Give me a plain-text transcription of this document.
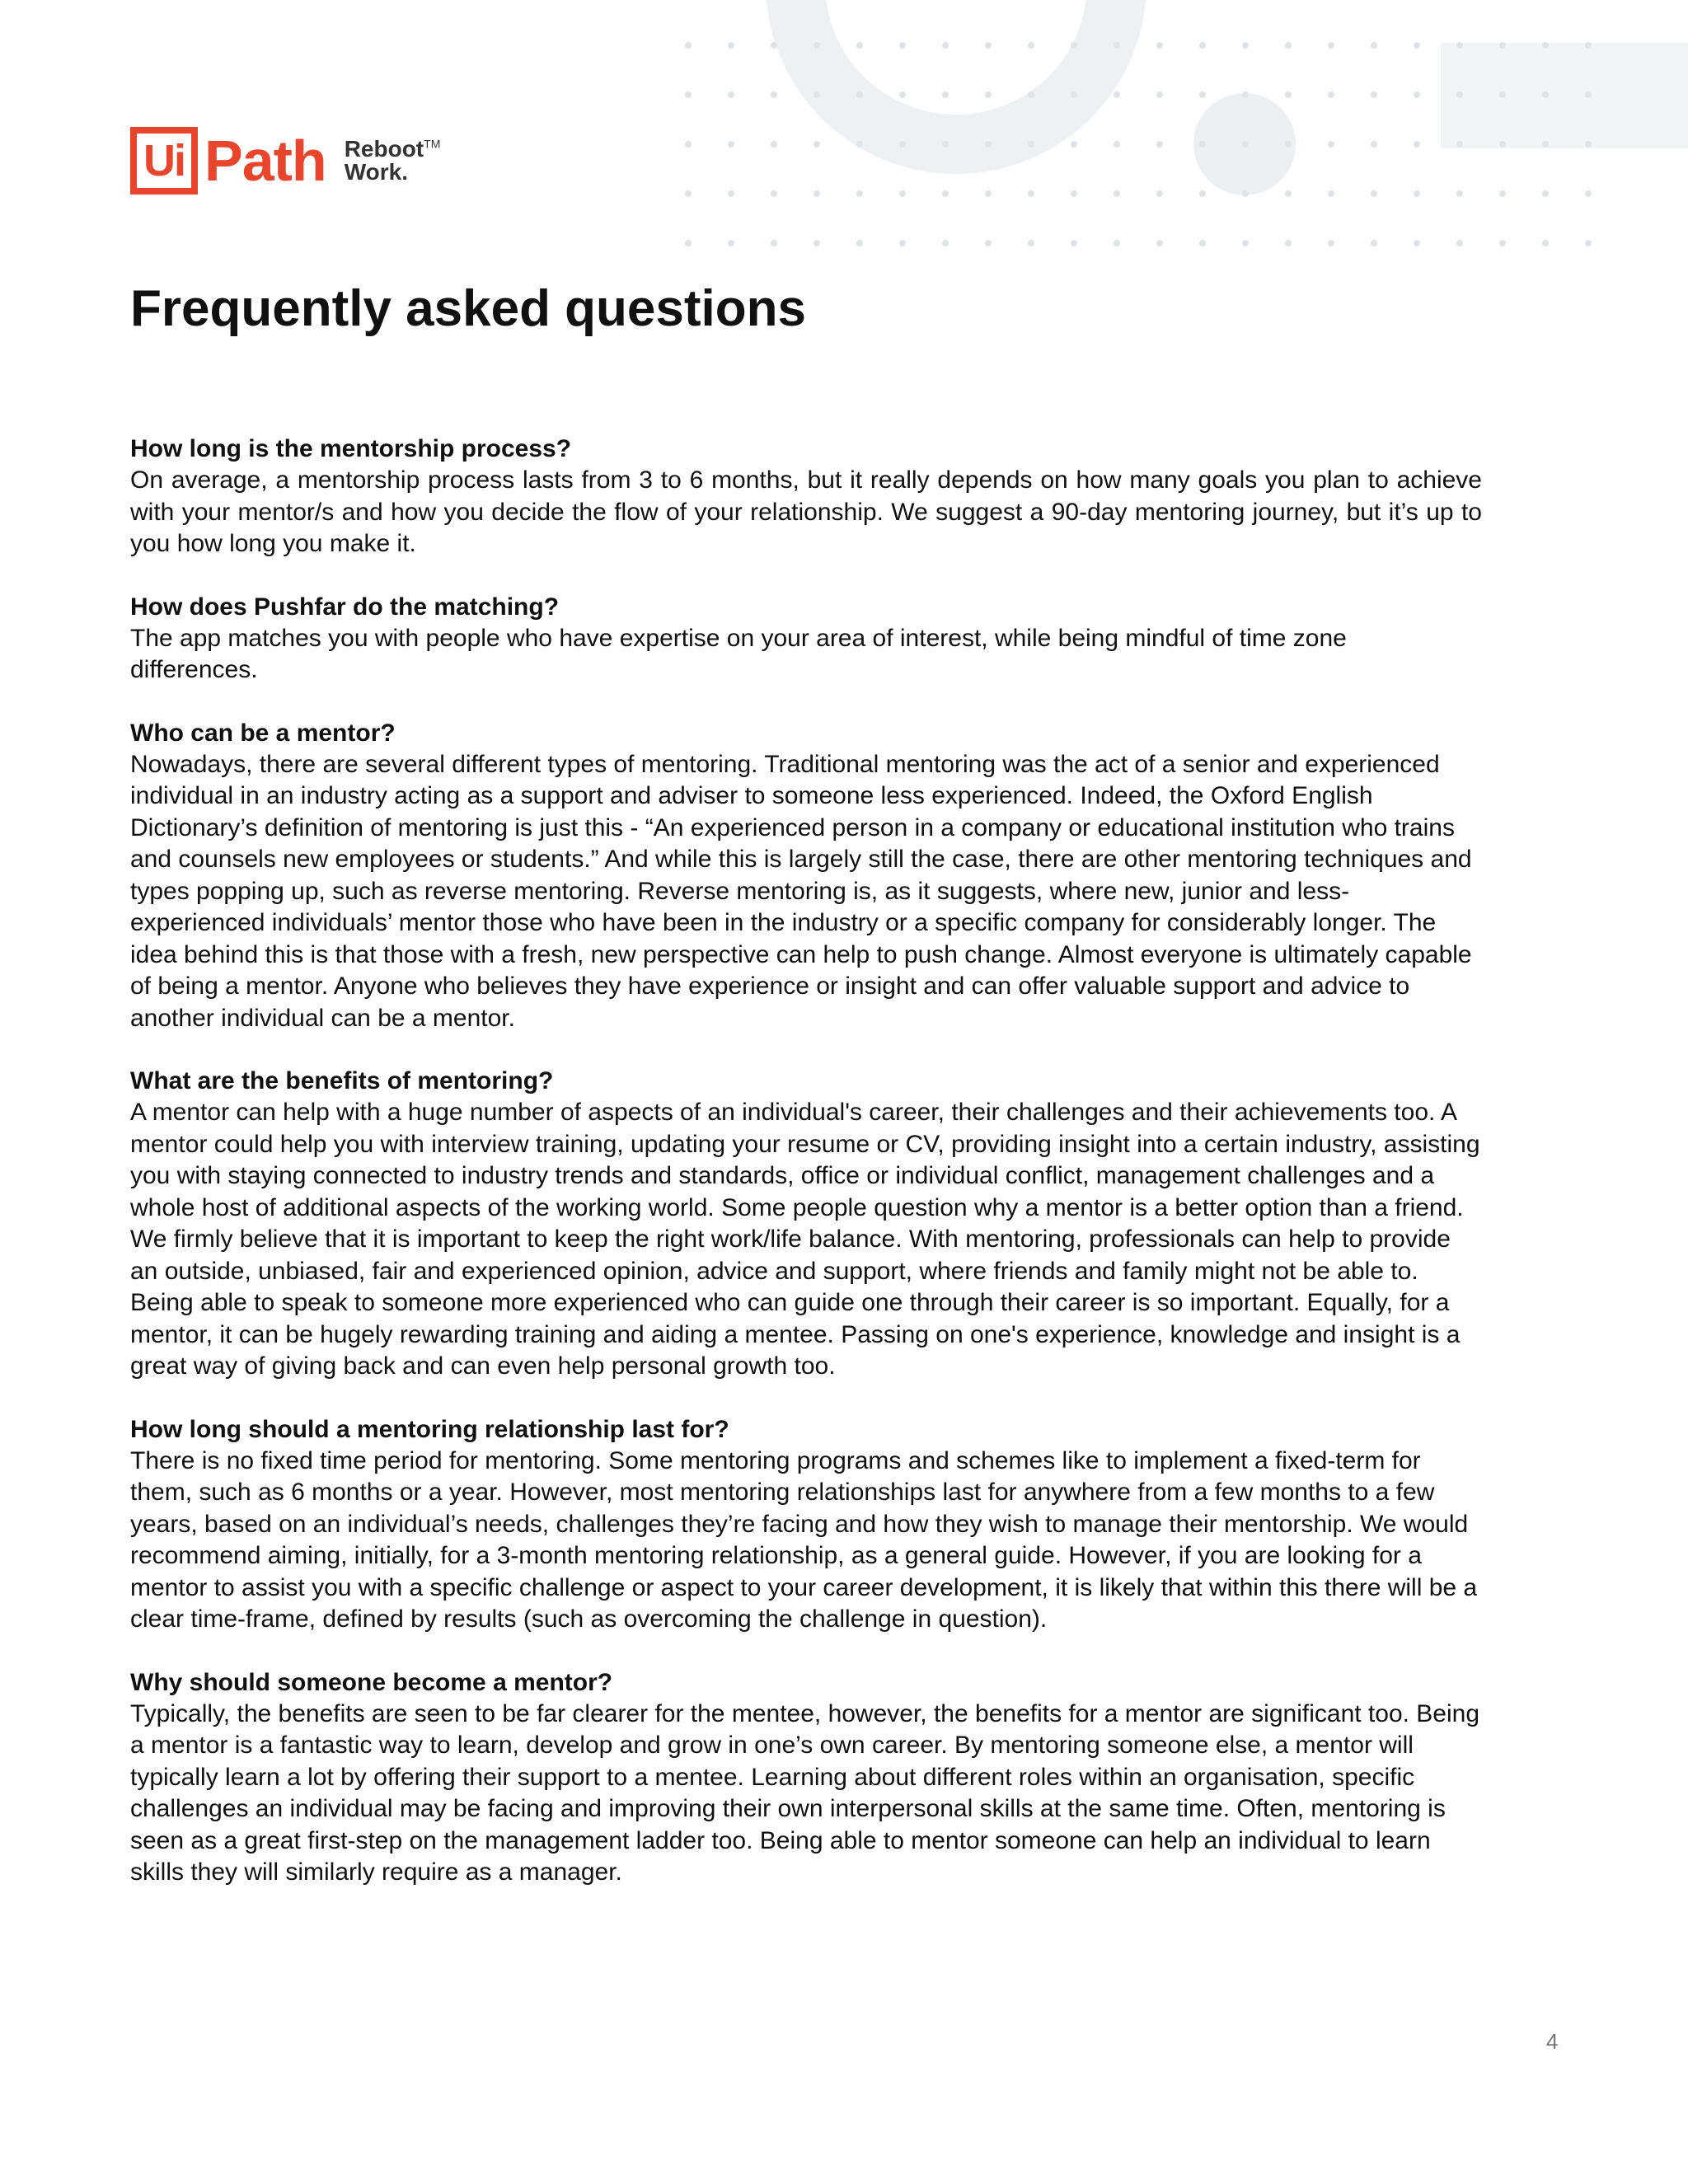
Ui Path Reboot™
Work.
Frequently asked questions

How long is the mentorship process?

On average, a mentorship process lasts from 3 to 6 months, but it really depends on how many goals you plan to achieve with your mentor/s and how you decide the flow of your relationship. We suggest a 90-day mentoring journey, but it’s up to you how long you make it.

How does Pushfar do the matching?

The app matches you with people who have expertise on your area of interest, while being mindful of time zone differences.

Who can be a mentor?

Nowadays, there are several different types of mentoring. Traditional mentoring was the act of a senior and experienced individual in an industry acting as a support and adviser to someone less experienced. Indeed, the Oxford English Dictionary’s definition of mentoring is just this - “An experienced person in a company or educational institution who trains and counsels new employees or students.” And while this is largely still the case, there are other mentoring techniques and types popping up, such as reverse mentoring. Reverse mentoring is, as it suggests, where new, junior and less-experienced individuals’ mentor those who have been in the industry or a specific company for considerably longer. The idea behind this is that those with a fresh, new perspective can help to push change. Almost everyone is ultimately capable of being a mentor. Anyone who believes they have experience or insight and can offer valuable support and advice to another individual can be a mentor.

What are the benefits of mentoring?

A mentor can help with a huge number of aspects of an individual's career, their challenges and their achievements too. A mentor could help you with interview training, updating your resume or CV, providing insight into a certain industry, assisting you with staying connected to industry trends and standards, office or individual conflict, management challenges and a whole host of additional aspects of the working world. Some people question why a mentor is a better option than a friend. We firmly believe that it is important to keep the right work/life balance. With mentoring, professionals can help to provide an outside, unbiased, fair and experienced opinion, advice and support, where friends and family might not be able to. Being able to speak to someone more experienced who can guide one through their career is so important. Equally, for a mentor, it can be hugely rewarding training and aiding a mentee. Passing on one's experience, knowledge and insight is a great way of giving back and can even help personal growth too.

How long should a mentoring relationship last for?

There is no fixed time period for mentoring. Some mentoring programs and schemes like to implement a fixed-term for them, such as 6 months or a year. However, most mentoring relationships last for anywhere from a few months to a few years, based on an individual’s needs, challenges they’re facing and how they wish to manage their mentorship. We would recommend aiming, initially, for a 3-month mentoring relationship, as a general guide. However, if you are looking for a mentor to assist you with a specific challenge or aspect to your career development, it is likely that within this there will be a clear time-frame, defined by results (such as overcoming the challenge in question).

Why should someone become a mentor?

Typically, the benefits are seen to be far clearer for the mentee, however, the benefits for a mentor are significant too. Being a mentor is a fantastic way to learn, develop and grow in one’s own career. By mentoring someone else, a mentor will typically learn a lot by offering their support to a mentee. Learning about different roles within an organisation, specific challenges an individual may be facing and improving their own interpersonal skills at the same time. Often, mentoring is seen as a great first-step on the management ladder too. Being able to mentor someone can help an individual to learn skills they will similarly require as a manager.

4
